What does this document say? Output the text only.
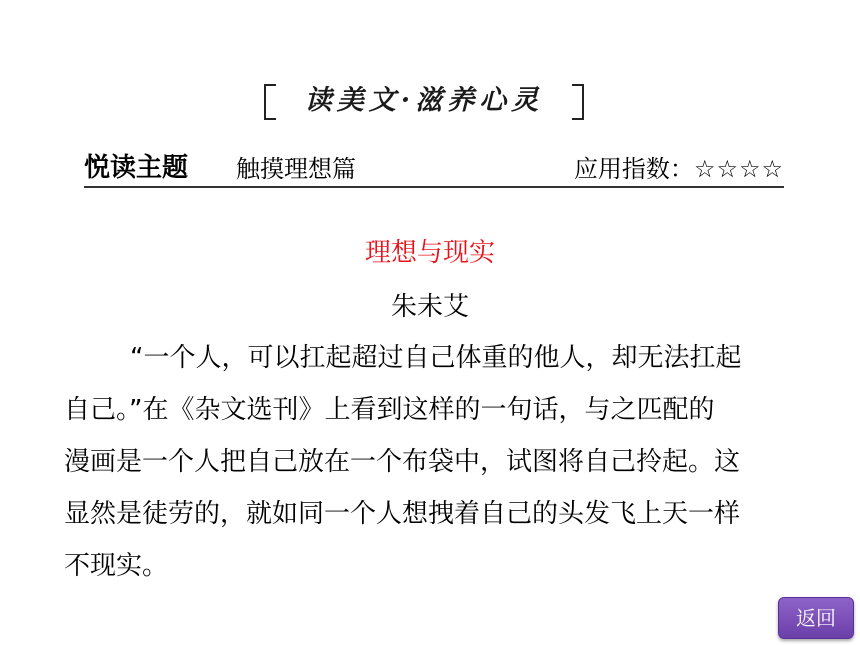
读美文·滋养心灵
悦读主题 触摸理想篇	应用指数：☆☆☆☆
理想与现实
朱未艾
“一个人，可以扛起超过自己体重的他人，却无法扛起
自己。”在《杂文选刊》上看到这样的一句话，与之匹配的
漫画是一个人把自己放在一个布袋中，试图将自己拎起。这
显然是徒劳的，就如同一个人想拽着自己的头发飞上天一样
不现实。
返回
